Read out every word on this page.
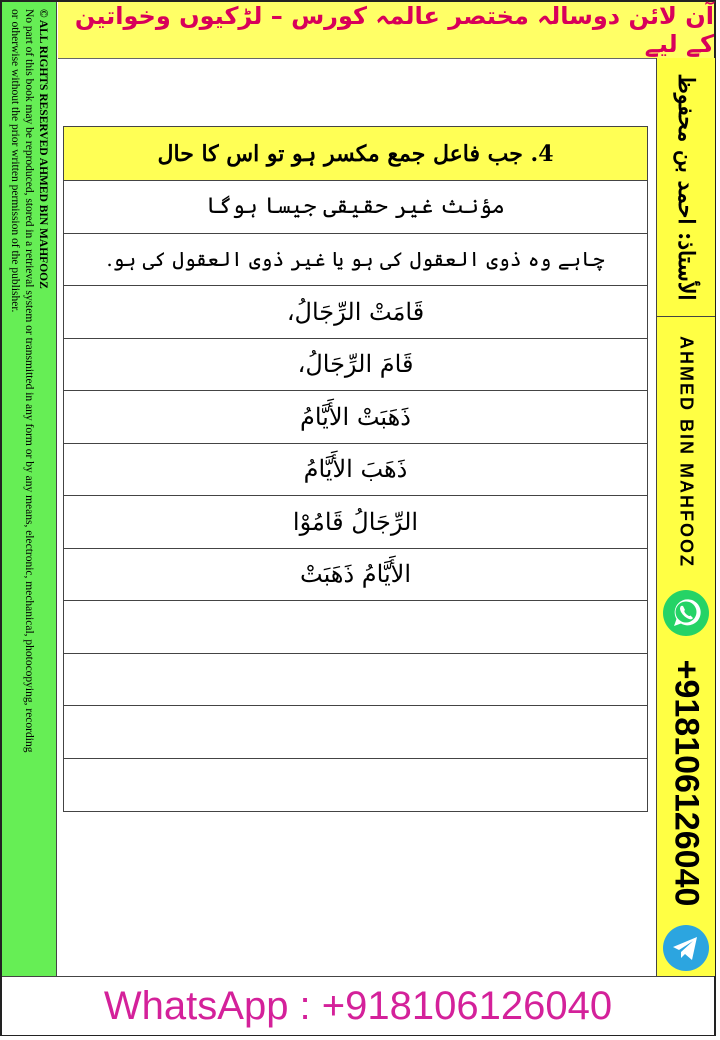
آن لائن دوسالہ مختصر عالمہ کورس – لڑکیوں وخواتین کے لیے
© ALL RIGHTS RESERVED AHMED BIN MAHFOOZ
No part of this book may be reproduced, stored in a retrieval system or transmitted in any form or by any means, electronic, mechanical, photocopying, recording
or otherwise without the prior written permission of the publisher.	الأستاذ: احمد بن محفوظ
AHMED BIN MAHFOOZ
+918106126040
4. جب فاعل جمع مکسر ہو تو اس کا حال
مؤنث غیر حقیقی جیسا ہوگا
چاہے وہ ذوی العقول کی ہو یا غیر ذوی العقول کی ہو.
قَامَتْ الرِّجَالُ،
قَامَ الرِّجَالُ،
ذَهَبَتْ الأَيَّامُ
ذَهَبَ الأَيَّامُ
الرِّجَالُ قَامُوْا
الأَيَّامُ ذَهَبَتْ
WhatsApp : +918106126040
